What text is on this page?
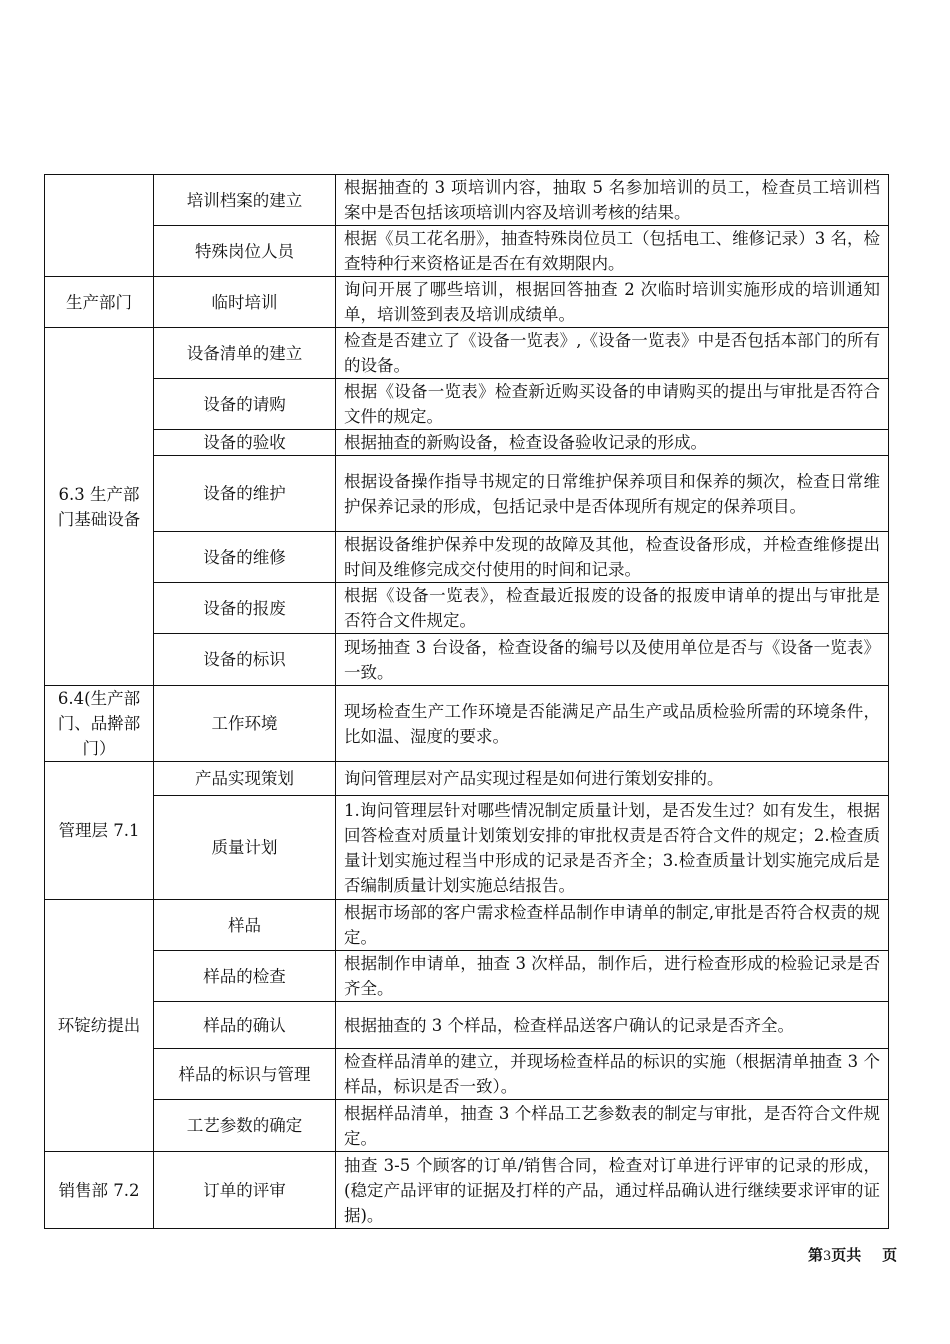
	培训档案的建立	根据抽查的 3 项培训内容，抽取 5 名参加培训的员工，检查员工培训档案中是否包括该项培训内容及培训考核的结果。
	特殊岗位人员	根据《员工花名册》，抽查特殊岗位员工（包括电工、维修记录）3 名，检查特种行来资格证是否在有效期限内。
生产部门	临时培训	询问开展了哪些培训，根据回答抽查 2 次临时培训实施形成的培训通知单，培训签到表及培训成绩单。
6.3 生产部门基础设备	设备清单的建立	检查是否建立了《设备一览表》,《设备一览表》中是否包括本部门的所有的设备。
	设备的请购	根据《设备一览表》检查新近购买设备的申请购买的提出与审批是否符合文件的规定。
	设备的验收	根据抽查的新购设备，检查设备验收记录的形成。
	设备的维护	根据设备操作指导书规定的日常维护保养项目和保养的频次，检查日常维护保养记录的形成，包括记录中是否体现所有规定的保养项目。
	设备的维修	根据设备维护保养中发现的故障及其他，检查设备形成，并检查维修提出时间及维修完成交付使用的时间和记录。
	设备的报废	根据《设备一览表》，检查最近报废的设备的报废申请单的提出与审批是否符合文件规定。
	设备的标识	现场抽查 3 台设备，检查设备的编号以及使用单位是否与《设备一览表》一致。
6.4(生产部门、品擀部门）	工作环境	现场检查生产工作环境是否能满足产品生产或品质检验所需的环境条件，比如温、湿度的要求。
管理层 7.1	产品实现策划	询问管理层对产品实现过程是如何进行策划安排的。
	质量计划	1.询问管理层针对哪些情况制定质量计划，是否发生过？如有发生，根据回答检查对质量计划策划安排的审批权责是否符合文件的规定；2.检查质量计划实施过程当中形成的记录是否齐全；3.检查质量计划实施完成后是否编制质量计划实施总结报告。
环锭纺提出	样品	根据市场部的客户需求检查样品制作申请单的制定,审批是否符合权责的规定。
	样品的检查	根据制作申请单，抽查 3 次样品，制作后，进行检查形成的检验记录是否齐全。
	样品的确认	根据抽查的 3 个样品，检查样品送客户确认的记录是否齐全。
	样品的标识与管理	检查样品清单的建立，并现场检查样品的标识的实施（根据清单抽查 3 个样品，标识是否一致）。
	工艺参数的确定	根据样品清单，抽查 3 个样品工艺参数表的制定与审批，是否符合文件规定。
销售部 7.2	订单的评审	抽查 3-5 个顾客的订单/销售合同，检查对订单进行评审的记录的形成，(稳定产品评审的证据及打样的产品，通过样品确认进行继续要求评审的证据)。
第3页共    页
